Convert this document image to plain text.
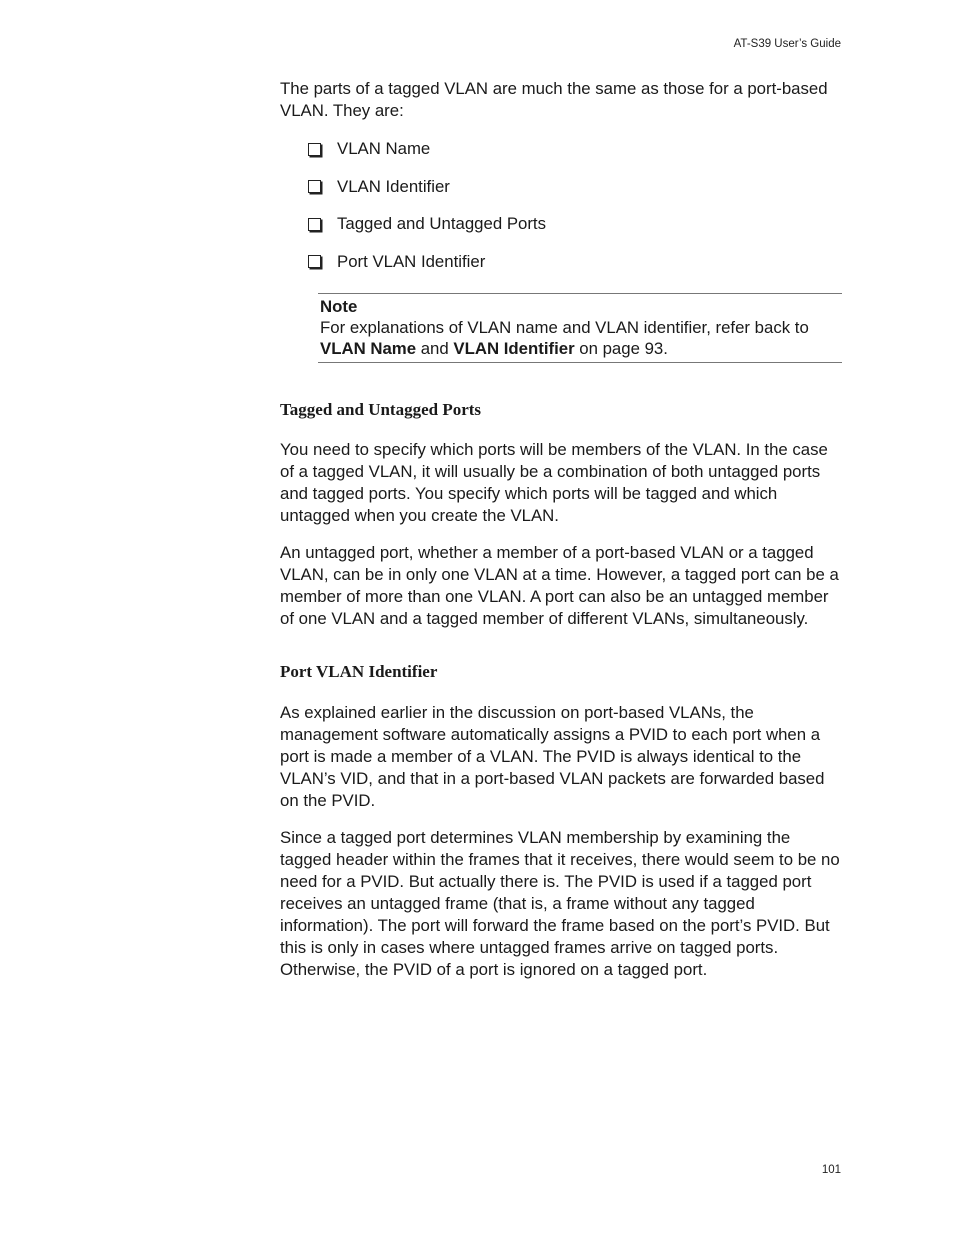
AT-S39 User’s Guide

The parts of a tagged VLAN are much the same as those for a port-based VLAN. They are:

VLAN Name
VLAN Identifier
Tagged and Untagged Ports
Port VLAN Identifier
Note
For explanations of VLAN name and VLAN identifier, refer back to VLAN Name and VLAN Identifier on page 93.
Tagged and Untagged Ports

You need to specify which ports will be members of the VLAN. In the case of a tagged VLAN, it will usually be a combination of both untagged ports and tagged ports. You specify which ports will be tagged and which untagged when you create the VLAN.

An untagged port, whether a member of a port-based VLAN or a tagged VLAN, can be in only one VLAN at a time. However, a tagged port can be a member of more than one VLAN. A port can also be an untagged member of one VLAN and a tagged member of different VLANs, simultaneously.

Port VLAN Identifier

As explained earlier in the discussion on port-based VLANs, the management software automatically assigns a PVID to each port when a port is made a member of a VLAN. The PVID is always identical to the VLAN’s VID, and that in a port-based VLAN packets are forwarded based on the PVID.

Since a tagged port determines VLAN membership by examining the tagged header within the frames that it receives, there would seem to be no need for a PVID. But actually there is. The PVID is used if a tagged port receives an untagged frame (that is, a frame without any tagged information). The port will forward the frame based on the port’s PVID. But this is only in cases where untagged frames arrive on tagged ports. Otherwise, the PVID of a port is ignored on a tagged port.

101
